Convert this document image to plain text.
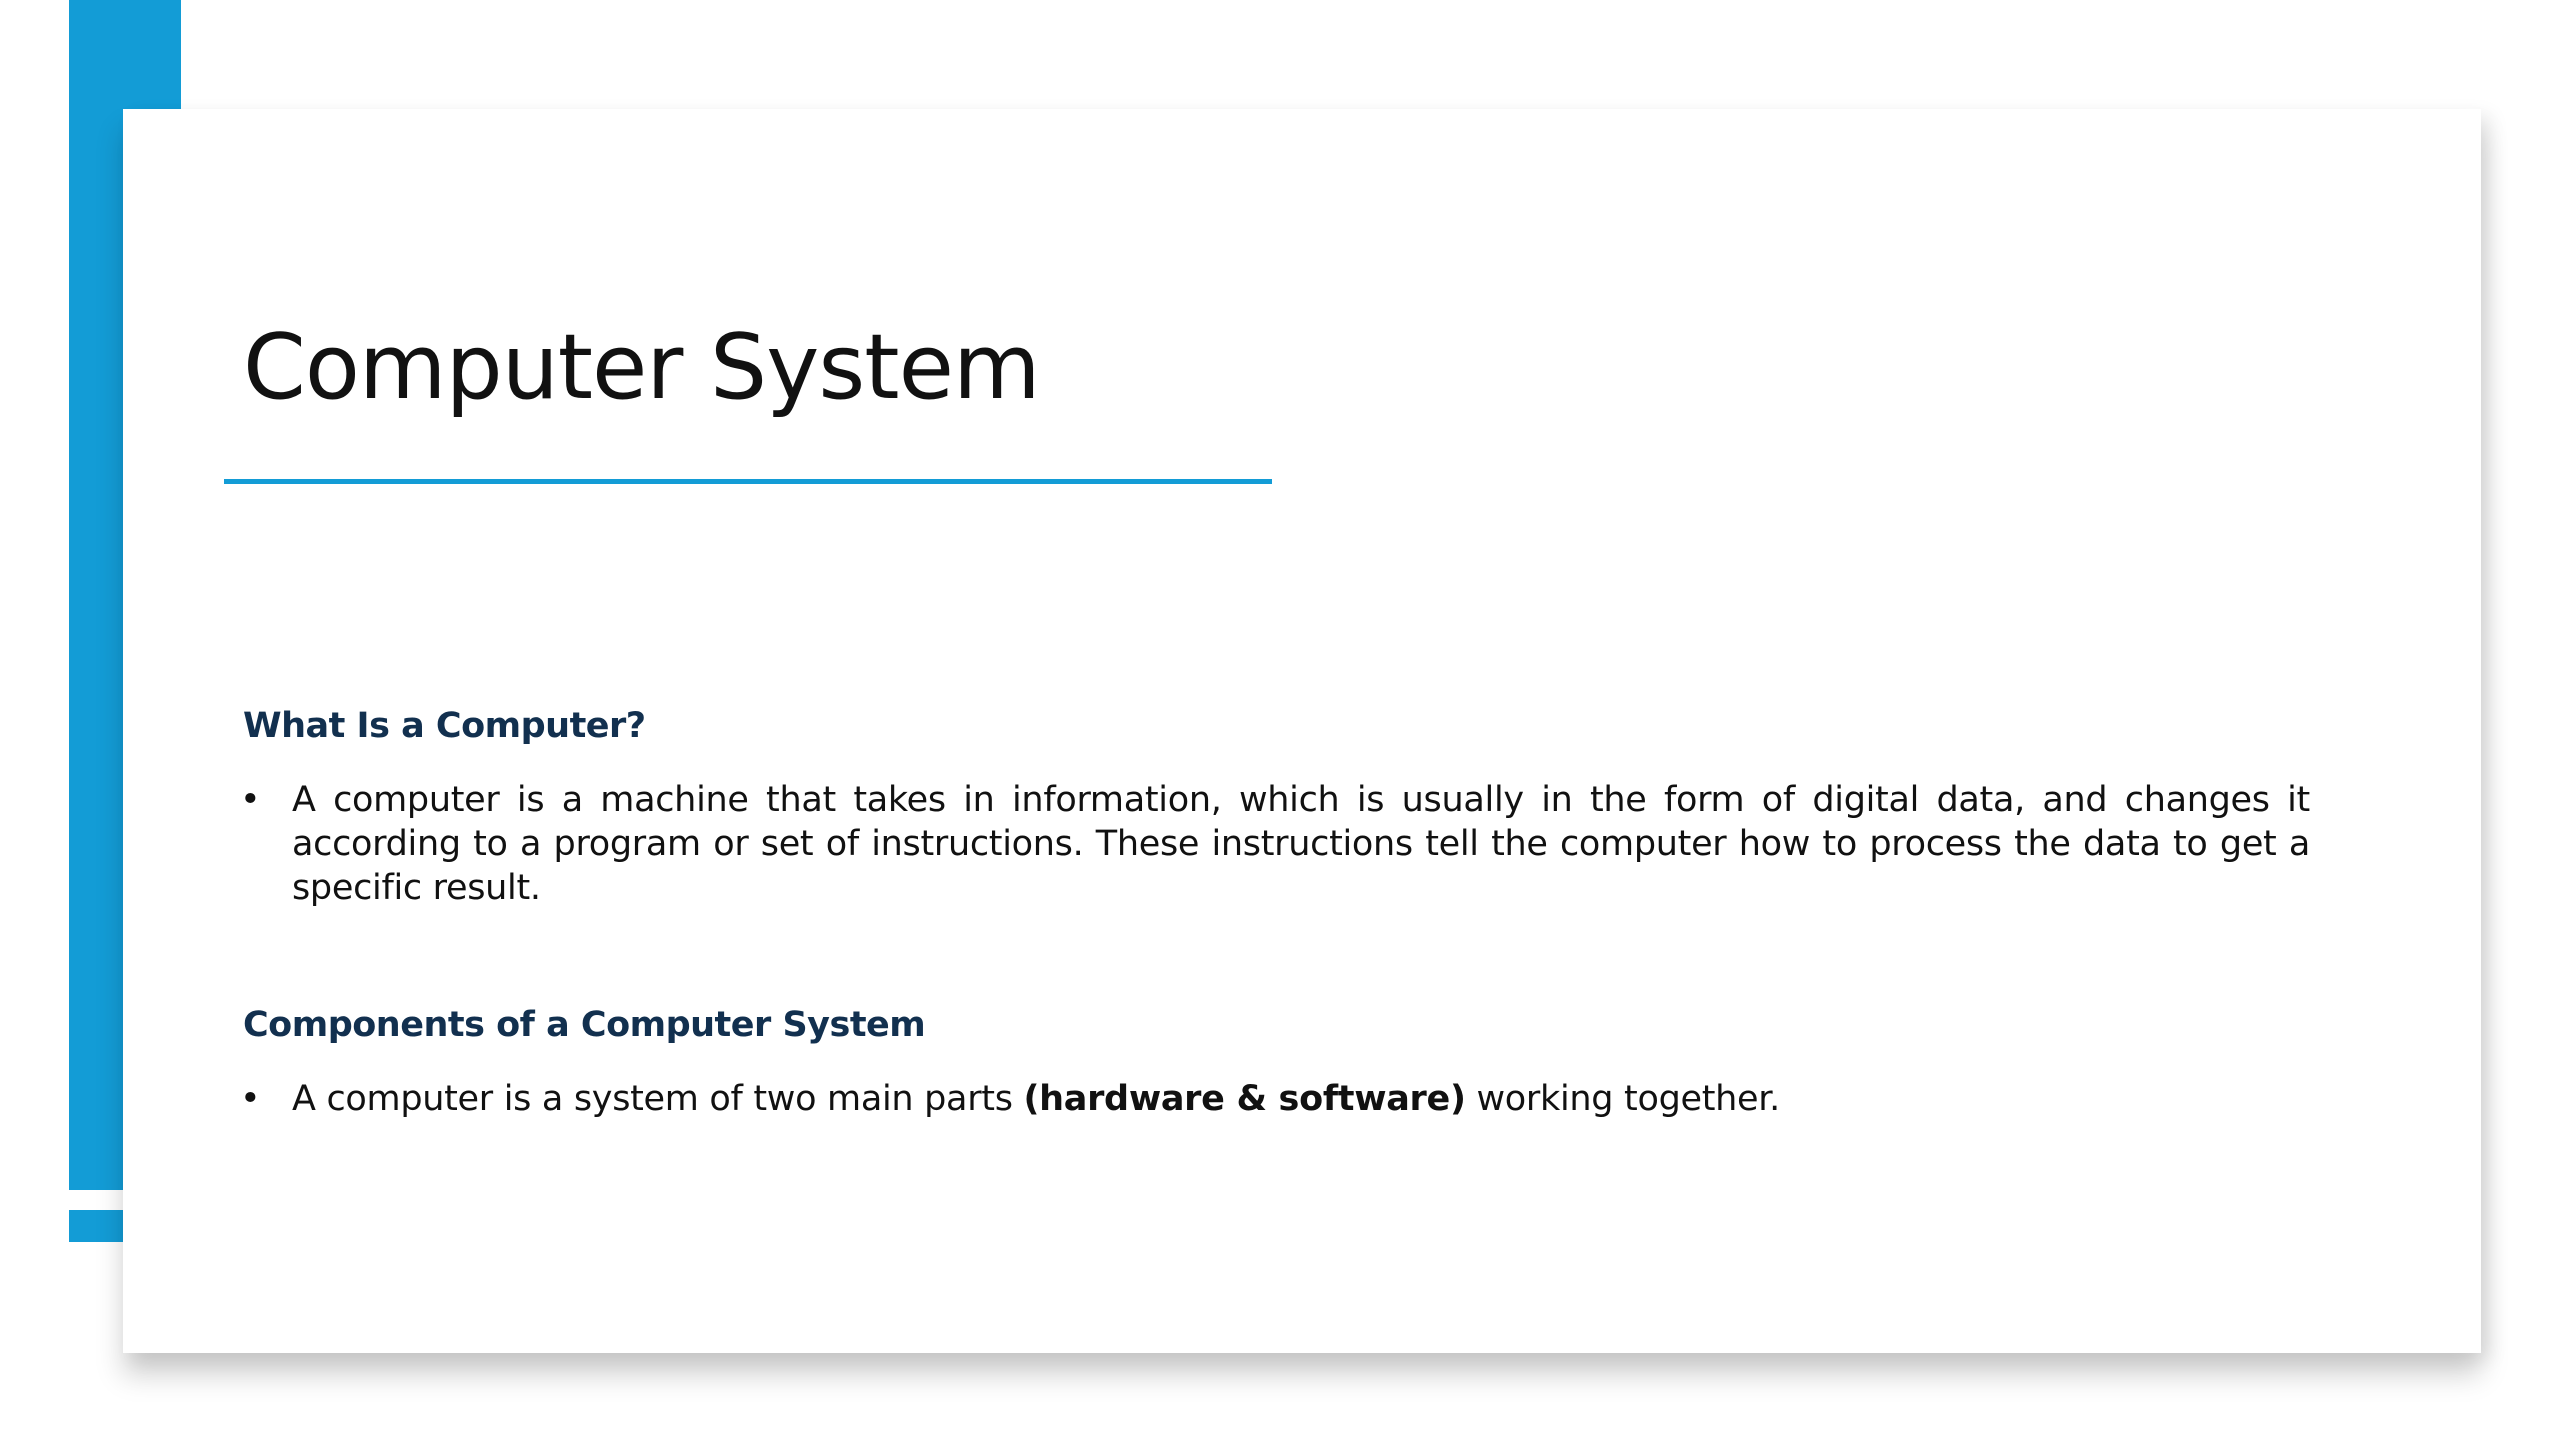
Computer System
What Is a Computer?
• A computer is a machine that takes in information, which is usually in the form of digital data, and changes it according to a program or set of instructions. These instructions tell the computer how to process the data to get a specific result.
Components of a Computer System
• A computer is a system of two main parts (hardware & software) working together.
